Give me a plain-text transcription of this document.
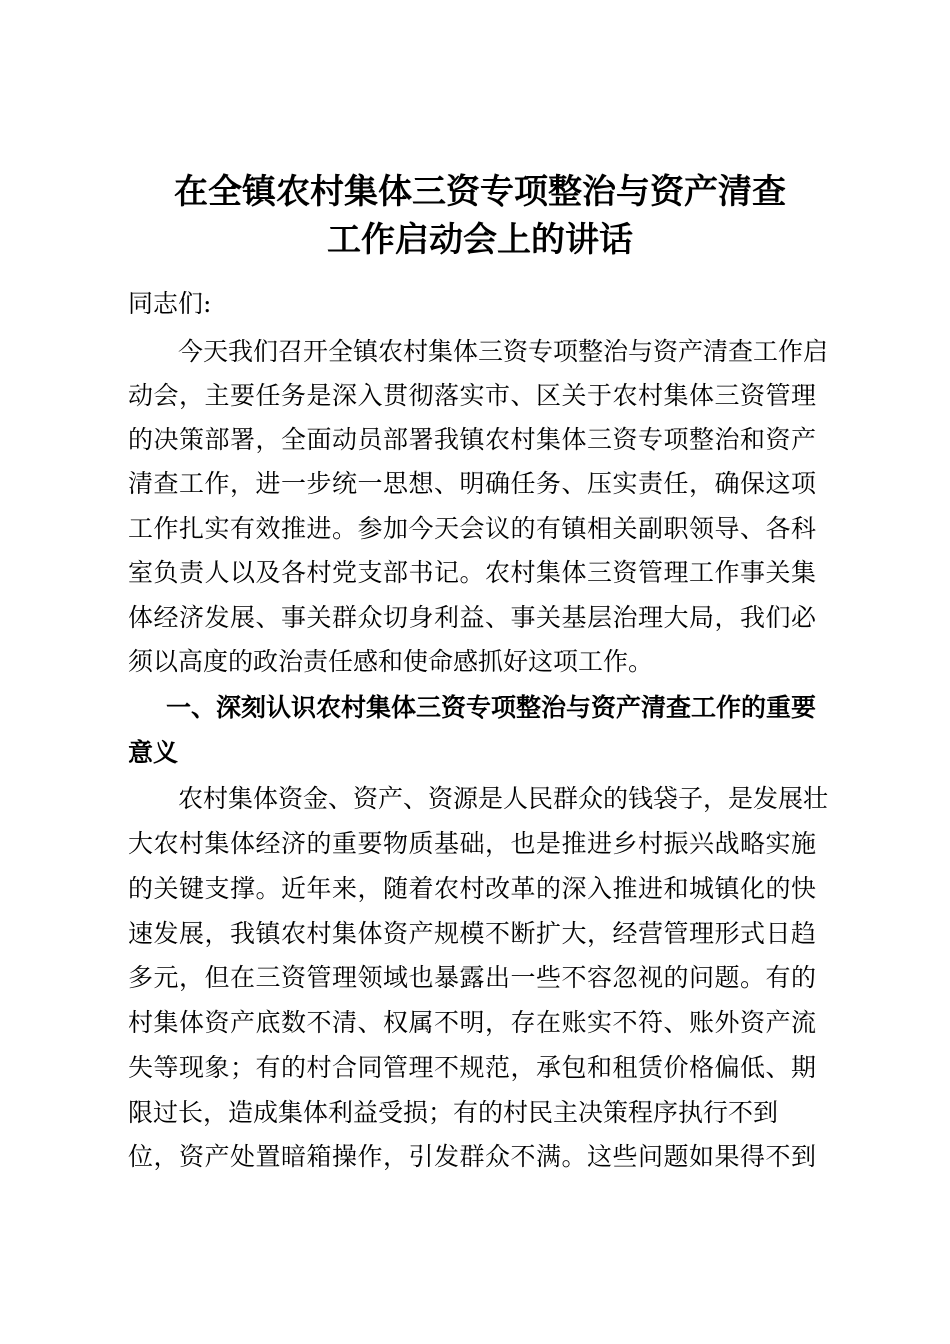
在全镇农村集体三资专项整治与资产清查
工作启动会上的讲话

同志们:

今天我们召开全镇农村集体三资专项整治与资产清查工作启

动会，主要任务是深入贯彻落实市、区关于农村集体三资管理

的决策部署，全面动员部署我镇农村集体三资专项整治和资产

清查工作，进一步统一思想、明确任务、压实责任，确保这项

工作扎实有效推进。参加今天会议的有镇相关副职领导、各科

室负责人以及各村党支部书记。农村集体三资管理工作事关集

体经济发展、事关群众切身利益、事关基层治理大局，我们必

须以高度的政治责任感和使命感抓好这项工作。

一、深刻认识农村集体三资专项整治与资产清查工作的重要

意义

农村集体资金、资产、资源是人民群众的钱袋子，是发展壮

大农村集体经济的重要物质基础，也是推进乡村振兴战略实施

的关键支撑。近年来，随着农村改革的深入推进和城镇化的快

速发展，我镇农村集体资产规模不断扩大，经营管理形式日趋

多元，但在三资管理领域也暴露出一些不容忽视的问题。有的

村集体资产底数不清、权属不明，存在账实不符、账外资产流

失等现象；有的村合同管理不规范，承包和租赁价格偏低、期

限过长，造成集体利益受损；有的村民主决策程序执行不到

位，资产处置暗箱操作，引发群众不满。这些问题如果得不到
